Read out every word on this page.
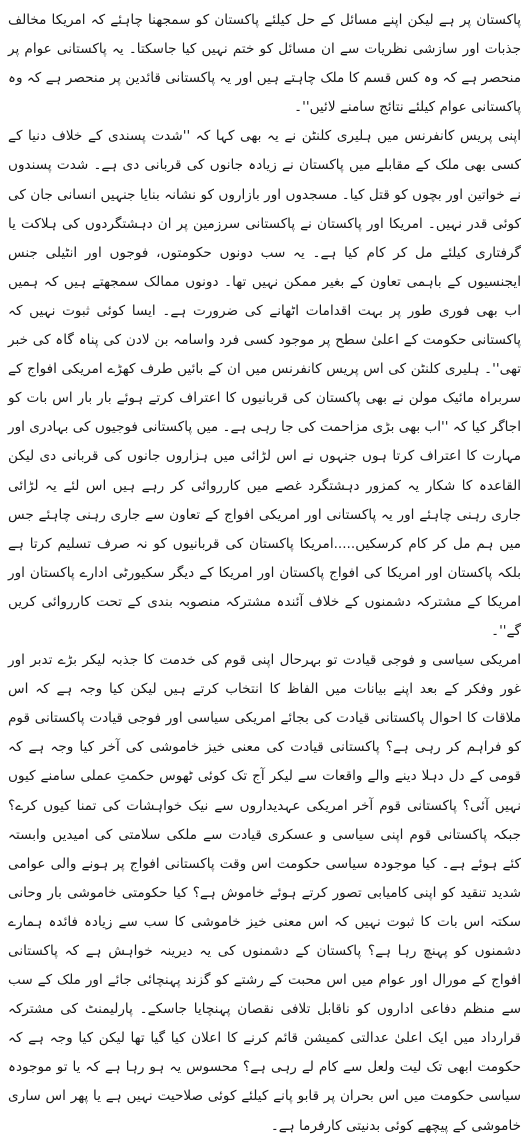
پاکستان پر ہے لیکن اپنے مسائل کے حل کیلئے پاکستان کو سمجھنا چاہئے کہ امریکا مخالف جذبات اور سازشی نظریات سے ان مسائل کو ختم نہیں کیا جاسکتا۔ یہ پاکستانی عوام پر منحصر ہے کہ وہ کس قسم کا ملک چاہتے ہیں اور یہ پاکستانی قائدین پر منحصر ہے کہ وہ پاکستانی عوام کیلئے نتائج سامنے لائیں''۔

اپنی پریس کانفرنس میں ہلیری کلنٹن نے یہ بھی کہا کہ ''شدت پسندی کے خلاف دنیا کے کسی بھی ملک کے مقابلے میں پاکستان نے زیادہ جانوں کی قربانی دی ہے۔ شدت پسندوں نے خواتین اور بچوں کو قتل کیا۔ مسجدوں اور بازاروں کو نشانہ بنایا جنہیں انسانی جان کی کوئی قدر نہیں۔ امریکا اور پاکستان نے پاکستانی سرزمین پر ان دہشتگردوں کی ہلاکت یا گرفتاری کیلئے مل کر کام کیا ہے۔ یہ سب دونوں حکومتوں، فوجوں اور انٹیلی جنس ایجنسیوں کے باہمی تعاون کے بغیر ممکن نہیں تھا۔ دونوں ممالک سمجھتے ہیں کہ ہمیں اب بھی فوری طور پر بہت اقدامات اٹھانے کی ضرورت ہے۔ ایسا کوئی ثبوت نہیں کہ پاکستانی حکومت کے اعلیٰ سطح پر موجود کسی فرد واسامہ بن لادن کی پناہ گاہ کی خبر تھی''۔ ہلیری کلنٹن کی اس پریس کانفرنس میں ان کے بائیں طرف کھڑے امریکی افواج کے سربراہ مائیک مولن نے بھی پاکستان کی قربانیوں کا اعتراف کرتے ہوئے بار بار اس بات کو اجاگر کیا کہ ''اب بھی بڑی مزاحمت کی جا رہی ہے۔ میں پاکستانی فوجیوں کی بہادری اور مہارت کا اعتراف کرتا ہوں جنہوں نے اس لڑائی میں ہزاروں جانوں کی قربانی دی لیکن القاعدہ کا شکار یہ کمزور دہشتگرد غصے میں کارروائی کر رہے ہیں اس لئے یہ لڑائی جاری رہنی چاہئے اور یہ پاکستانی اور امریکی افواج کے تعاون سے جاری رہنی چاہئے جس میں ہم مل کر کام کرسکیں.....امریکا پاکستان کی قربانیوں کو نہ صرف تسلیم کرتا ہے بلکہ پاکستان اور امریکا کی افواج پاکستان اور امریکا کے دیگر سکیورٹی ادارے پاکستان اور امریکا کے مشترکہ دشمنوں کے خلاف آئندہ مشترکہ منصوبہ بندی کے تحت کارروائی کریں گے''۔

امریکی سیاسی و فوجی قیادت تو بہرحال اپنی قوم کی خدمت کا جذبہ لیکر بڑے تدبر اور غور وفکر کے بعد اپنے بیانات میں الفاظ کا انتخاب کرتے ہیں لیکن کیا وجہ ہے کہ اس ملاقات کا احوال پاکستانی قیادت کی بجائے امریکی سیاسی اور فوجی قیادت پاکستانی قوم کو فراہم کر رہی ہے؟ پاکستانی قیادت کی معنی خیز خاموشی کی آخر کیا وجہ ہے کہ قومی کے دل دہلا دینے والے واقعات سے لیکر آج تک کوئی ٹھوس حکمتِ عملی سامنے کیوں نہیں آئی؟ پاکستانی قوم آخر امریکی عہدیداروں سے نیک خواہشات کی تمنا کیوں کرے؟ جبکہ پاکستانی قوم اپنی سیاسی و عسکری قیادت سے ملکی سلامتی کی امیدیں وابستہ کئے ہوئے ہے۔ کیا موجودہ سیاسی حکومت اس وقت پاکستانی افواج پر ہونے والی عوامی شدید تنقید کو اپنی کامیابی تصور کرتے ہوئے خاموش ہے؟ کیا حکومتی خاموشی بار وحانی سکتہ اس بات کا ثبوت نہیں کہ اس معنی خیز خاموشی کا سب سے زیادہ فائدہ ہمارے دشمنوں کو پہنچ رہا ہے؟ پاکستان کے دشمنوں کی یہ دیرینہ خواہش ہے کہ پاکستانی افواج کے مورال اور عوام میں اس محبت کے رشتے کو گزند پہنچائی جائے اور ملک کے سب سے منظم دفاعی اداروں کو ناقابل تلافی نقصان پہنچایا جاسکے۔ پارلیمنٹ کی مشترکہ قرارداد میں ایک اعلیٰ عدالتی کمیشن قائم کرنے کا اعلان کیا گیا تھا لیکن کیا وجہ ہے کہ حکومت ابھی تک لیت ولعل سے کام لے رہی ہے؟ محسوس یہ ہو رہا ہے کہ یا تو موجودہ سیاسی حکومت میں اس بحران پر قابو پانے کیلئے کوئی صلاحیت نہیں ہے یا پھر اس ساری خاموشی کے پیچھے کوئی بدنیتی کارفرما ہے۔
